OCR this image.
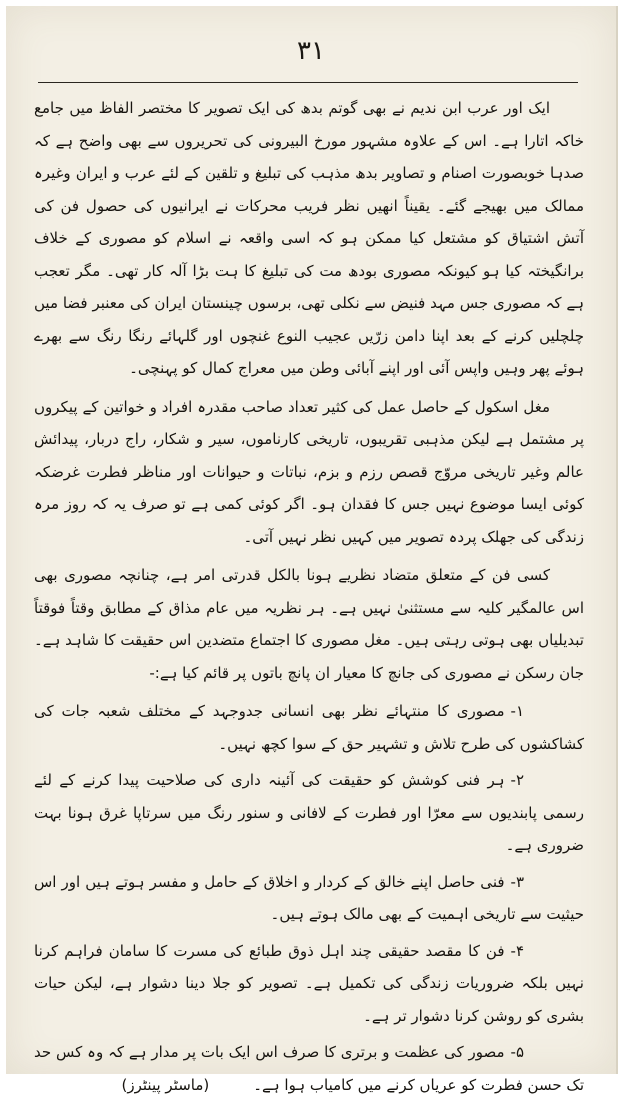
۳۱

ایک اور عرب ابن ندیم نے بھی گوتم بدھ کی ایک تصویر کا مختصر الفاظ میں جامع خاکہ اتارا ہے۔ اس کے علاوہ مشہور مورخ البیرونی کی تحریروں سے بھی واضح ہے کہ صدہا خوبصورت اصنام و تصاویر بدھ مذہب کی تبلیغ و تلقین کے لئے عرب و ایران وغیرہ ممالک میں بھیجے گئے۔ یقیناً انھیں نظر فریب محرکات نے ایرانیوں کی حصول فن کی آتش اشتیاق کو مشتعل کیا ممکن ہو کہ اسی واقعہ نے اسلام کو مصوری کے خلاف برانگیختہ کیا ہو کیونکہ مصوری بودھ مت کی تبلیغ کا ہت بڑا آلہ کار تھی۔ مگر تعجب ہے کہ مصوری جس مہد فنیض سے نکلی تھی، برسوں چینستان ایران کی معنبر فضا میں چلچلیں کرنے کے بعد اپنا دامن زرّیں عجیب النوع غنچوں اور گلہائے رنگا رنگ سے بھرے ہوئے پھر وہیں واپس آئی اور اپنے آبائی وطن میں معراج کمال کو پہنچی۔

مغل اسکول کے حاصل عمل کی کثیر تعداد صاحب مقدرہ افراد و خواتین کے پیکروں پر مشتمل ہے لیکن مذہبی تقریبوں، تاریخی کارناموں، سیر و شکار، راج دربار، پیدائش عالم وغیر تاریخی مروّج قصص رزم و بزم، نباتات و حیوانات اور مناظر فطرت غرضکہ کوئی ایسا موضوع نہیں جس کا فقدان ہو۔ اگر کوئی کمی ہے تو صرف یہ کہ روز مرہ زندگی کی جھلک پردہ تصویر میں کہیں نظر نہیں آتی۔

کسی فن کے متعلق متضاد نظریے ہونا بالکل قدرتی امر ہے، چنانچہ مصوری بھی اس عالمگیر کلیہ سے مستثنیٰ نہیں ہے۔ ہر نظریہ میں عام مذاق کے مطابق وقتاً فوقتاً تبدیلیاں بھی ہوتی رہتی ہیں۔ مغل مصوری کا اجتماع متضدین اس حقیقت کا شاہد ہے۔ جان رسکن نے مصوری کی جانچ کا معیار ان پانچ باتوں پر قائم کیا ہے:-

۱-مصوری کا منتہائے نظر بھی انسانی جدوجہد کے مختلف شعبہ جات کی کشاکشوں کی طرح تلاش و تشہیر حق کے سوا کچھ نہیں۔
۲-ہر فنی کوشش کو حقیقت کی آئینہ داری کی صلاحیت پیدا کرنے کے لئے رسمی پابندیوں سے معرّا اور فطرت کے لافانی و سنور رنگ میں سرتاپا غرق ہونا بہت ضروری ہے۔
۳-فنی حاصل اپنے خالق کے کردار و اخلاق کے حامل و مفسر ہوتے ہیں اور اس حیثیت سے تاریخی اہمیت کے بھی مالک ہوتے ہیں۔
۴-فن کا مقصد حقیقی چند اہل ذوق طبائع کی مسرت کا سامان فراہم کرنا نہیں بلکہ ضروریات زندگی کی تکمیل ہے۔ تصویر کو جلا دینا دشوار ہے، لیکن حیات بشری کو روشن کرنا دشوار تر ہے۔
۵-مصور کی عظمت و برتری کا صرف اس ایک بات پر مدار ہے کہ وہ کس حد تک حسن فطرت کو عریاں کرنے میں کامیاب ہوا ہے۔(ماسٹر پینٹرز)
